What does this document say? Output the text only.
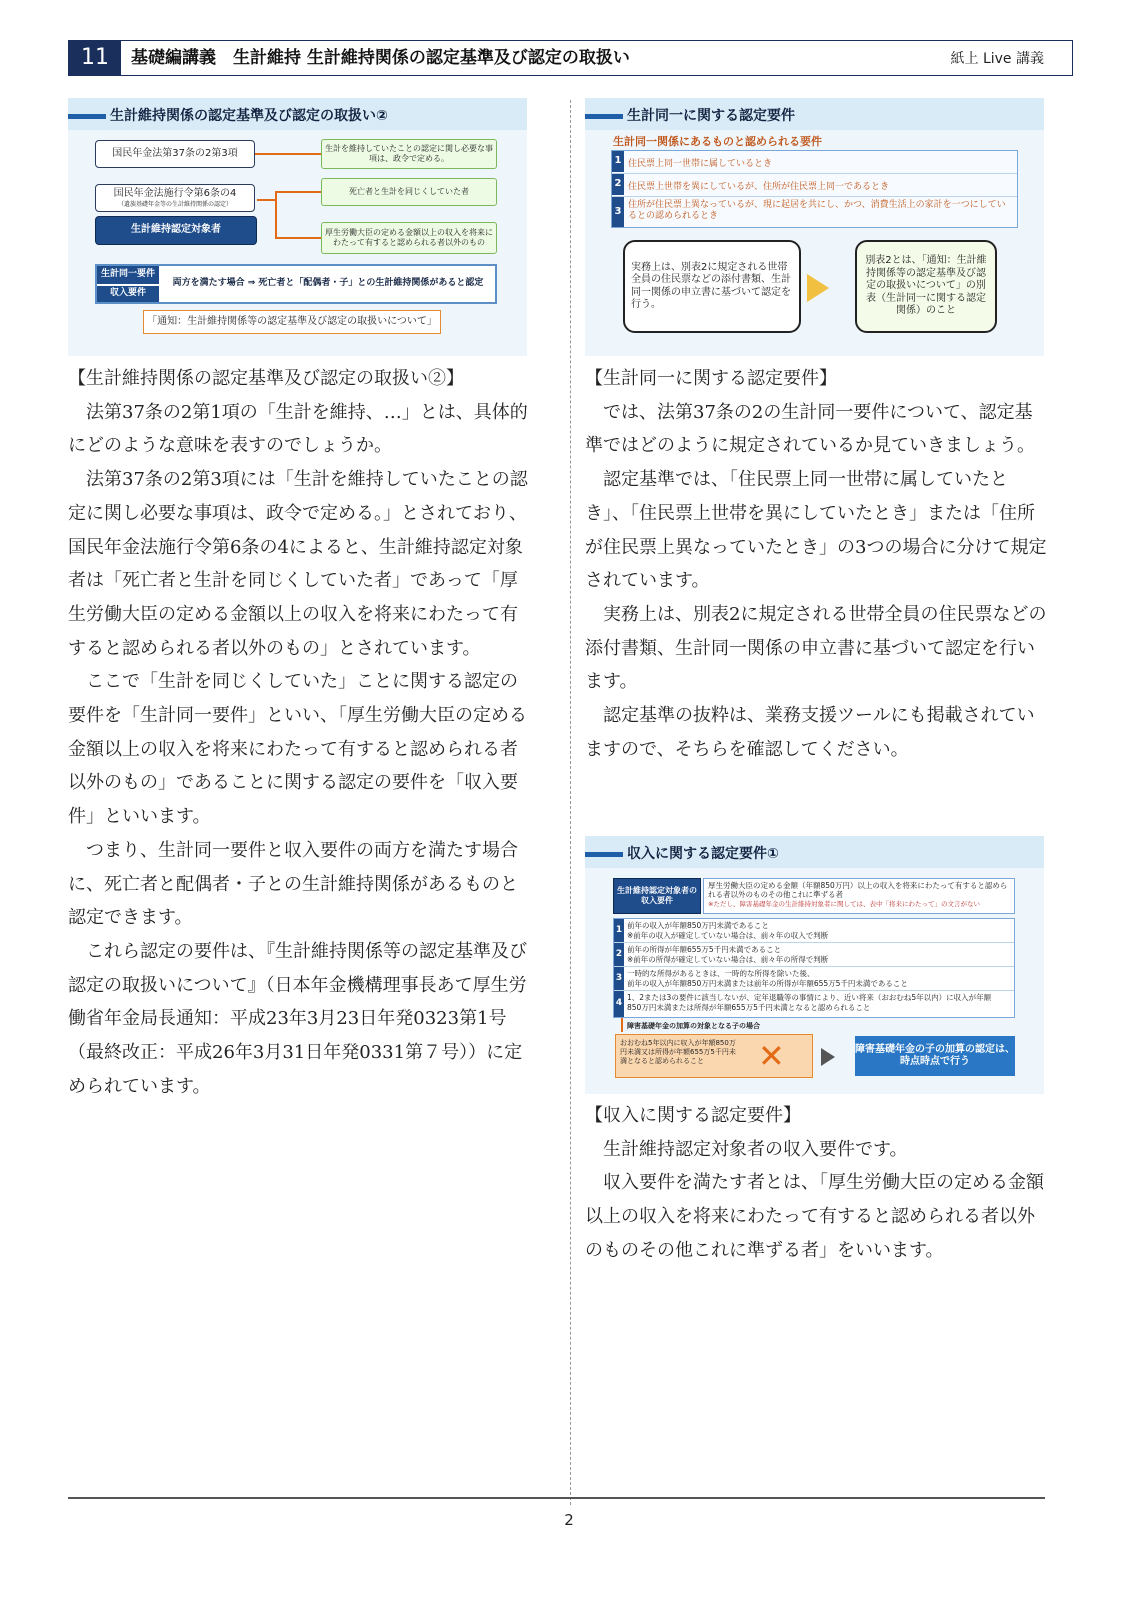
11	基礎編講義　生計維持 生計維持関係の認定基準及び認定の取扱い	紙上 Live 講義
生計維持関係の認定基準及び認定の取扱い②
国民年金法第37条の2第3項
国民年金法施行令第6条の4
（遺族基礎年金等の生計維持関係の認定）
生計維持認定対象者
生計を維持していたことの認定に関し必要な事項は、政令で定める。
死亡者と生計を同じくしていた者
厚生労働大臣の定める金額以上の収入を将来にわたって有すると認められる者以外のもの
生計同一要件
収入要件
両方を満たす場合 ⇒ 死亡者と「配偶者・子」との生計維持関係があると認定
「通知：生計維持関係等の認定基準及び認定の取扱いについて」
生計同一に関する認定要件
生計同一関係にあるものと認められる要件
1 住民票上同一世帯に属しているとき
2 住民票上世帯を異にしているが、住所が住民票上同一であるとき
3
住所が住民票上異なっているが、現に起居を共にし、かつ、消費生活上の家計を一つにしているとの認められるとき
実務上は、別表2に規定される世帯全員の住民票などの添付書類、生計同一関係の申立書に基づいて認定を行う。
別表2とは、「通知：生計維持関係等の認定基準及び認定の取扱いについて」の別表（生計同一に関する認定関係）のこと
収入に関する認定要件①
生計維持認定対象者の収入要件
厚生労働大臣の定める金額（年額850万円）以上の収入を将来にわたって有すると認められる者以外のものその他これに準ずる者
※ただし、障害基礎年金の生計維持対象者に関しては、表中「将来にわたって」の文言がない
1 前年の収入が年額850万円未満であること
※前年の収入が確定していない場合は、前々年の収入で判断
2 前年の所得が年額655万5千円未満であること
※前年の所得が確定していない場合は、前々年の所得で判断
3 一時的な所得があるときは、一時的な所得を除いた後、
前年の収入が年額850万円未満または前年の所得が年額655万5千円未満であること
4
1、2または3の要件に該当しないが、定年退職等の事情により、近い将来（おおむね5年以内）に収入が年額
850万円未満または所得が年額655万5千円未満となると認められること
障害基礎年金の加算の対象となる子の場合
おおむね5年以内に収入が年額850万円未満又は所得が年額655万5千円未満となると認められること	✕	障害基礎年金の子の加算の認定は、時点時点で行う

【生計維持関係の認定基準及び認定の取扱い②】

法第37条の2第1項の「生計を維持、…」とは、具体的にどのような意味を表すのでしょうか。

法第37条の2第3項には「生計を維持していたことの認定に関し必要な事項は、政令で定める。」とされており、国民年金法施行令第6条の4によると、生計維持認定対象者は「死亡者と生計を同じくしていた者」であって「厚生労働大臣の定める金額以上の収入を将来にわたって有すると認められる者以外のもの」とされています。

ここで「生計を同じくしていた」ことに関する認定の要件を「生計同一要件」といい、「厚生労働大臣の定める金額以上の収入を将来にわたって有すると認められる者以外のもの」であることに関する認定の要件を「収入要件」といいます。

つまり、生計同一要件と収入要件の両方を満たす場合に、死亡者と配偶者・子との生計維持関係があるものと認定できます。

これら認定の要件は、『生計維持関係等の認定基準及び認定の取扱いについて』（日本年金機構理事長あて厚生労働省年金局長通知：平成23年3月23日年発0323第1号（最終改正：平成26年3月31日年発0331第７号））に定められています。

【生計同一に関する認定要件】

では、法第37条の2の生計同一要件について、認定基準ではどのように規定されているか見ていきましょう。

認定基準では、「住民票上同一世帯に属していたとき」、「住民票上世帯を異にしていたとき」または「住所が住民票上異なっていたとき」の3つの場合に分けて規定されています。

実務上は、別表2に規定される世帯全員の住民票などの添付書類、生計同一関係の申立書に基づいて認定を行います。

認定基準の抜粋は、業務支援ツールにも掲載されていますので、そちらを確認してください。

【収入に関する認定要件】

生計維持認定対象者の収入要件です。

収入要件を満たす者とは、「厚生労働大臣の定める金額以上の収入を将来にわたって有すると認められる者以外のものその他これに準ずる者」をいいます。

2
